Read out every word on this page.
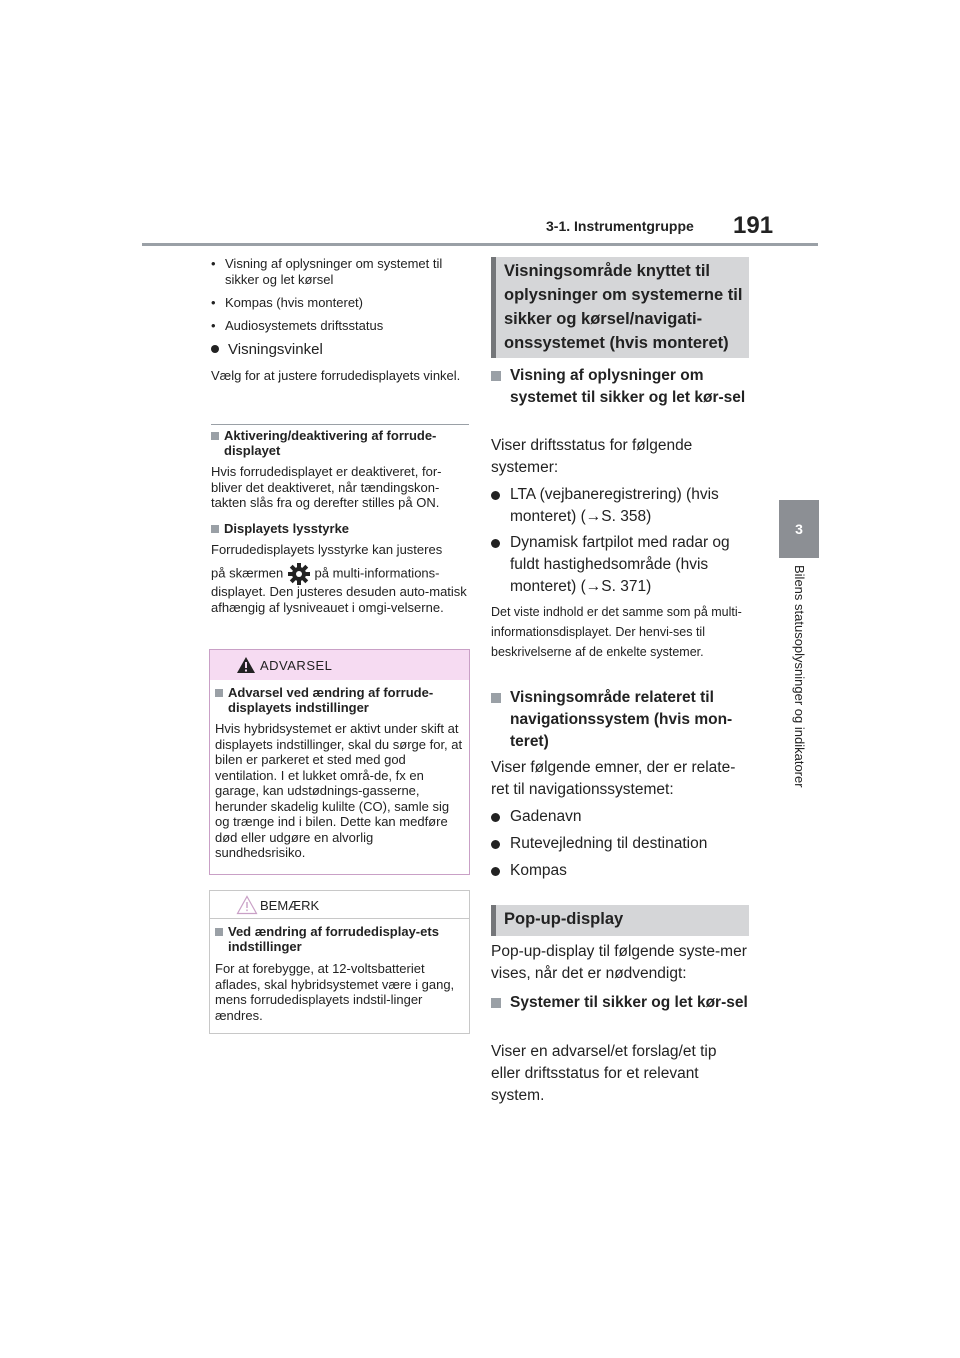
3-1. Instrumentgruppe 191
3
Bilens statusoplysninger og indikatorer
• Visning af oplysninger om systemet til sikker og let kørsel
• Kompas (hvis monteret)
• Audiosystemets driftsstatus
Visningsvinkel
Vælg for at justere forrudedisplayets vinkel.
Aktivering/deaktivering af forrude-displayet
Hvis forrudedisplayet er deaktiveret, for-bliver det deaktiveret, når tændingskon-takten slås fra og derefter stilles på ON.
Displayets lysstyrke
Forrudedisplayets lysstyrke kan justeres
på skærmen på multi-informations-
displayet. Den justeres desuden auto-matisk afhængig af lysniveauet i omgi-velserne.
ADVARSEL
Advarsel ved ændring af forrude-displayets indstillinger
Hvis hybridsystemet er aktivt under skift at displayets indstillinger, skal du sørge for, at bilen er parkeret et sted med god ventilation. I et lukket områ-de, fx en garage, kan udstødnings-gasserne, herunder skadelig kulilte (CO), samle sig og trænge ind i bilen. Dette kan medføre død eller udgøre en alvorlig sundhedsrisiko.
BEMÆRK
Ved ændring af forrudedisplay-ets indstillinger
For at forebygge, at 12-voltsbatteriet aflades, skal hybridsystemet være i gang, mens forrudedisplayets indstil-linger ændres.
Visningsområde knyttet til oplysninger om systemerne til sikker og kørsel/navigati-onssystemet (hvis monteret)
Visning af oplysninger om systemet til sikker og let kør-sel
Viser driftsstatus for følgende systemer:
LTA (vejbaneregistrering) (hvis monteret) (→S. 358)
Dynamisk fartpilot med radar og fuldt hastighedsområde (hvis monteret) (→S. 371)
Det viste indhold er det samme som på multi-informationsdisplayet. Der henvi-ses til beskrivelserne af de enkelte systemer.
Visningsområde relateret til navigationssystem (hvis mon-teret)
Viser følgende emner, der er relate-ret til navigationssystemet:
Gadenavn
Rutevejledning til destination
Kompas
Pop-up-display
Pop-up-display til følgende syste-mer vises, når det er nødvendigt:
Systemer til sikker og let kør-sel
Viser en advarsel/et forslag/et tip eller driftsstatus for et relevant system.
